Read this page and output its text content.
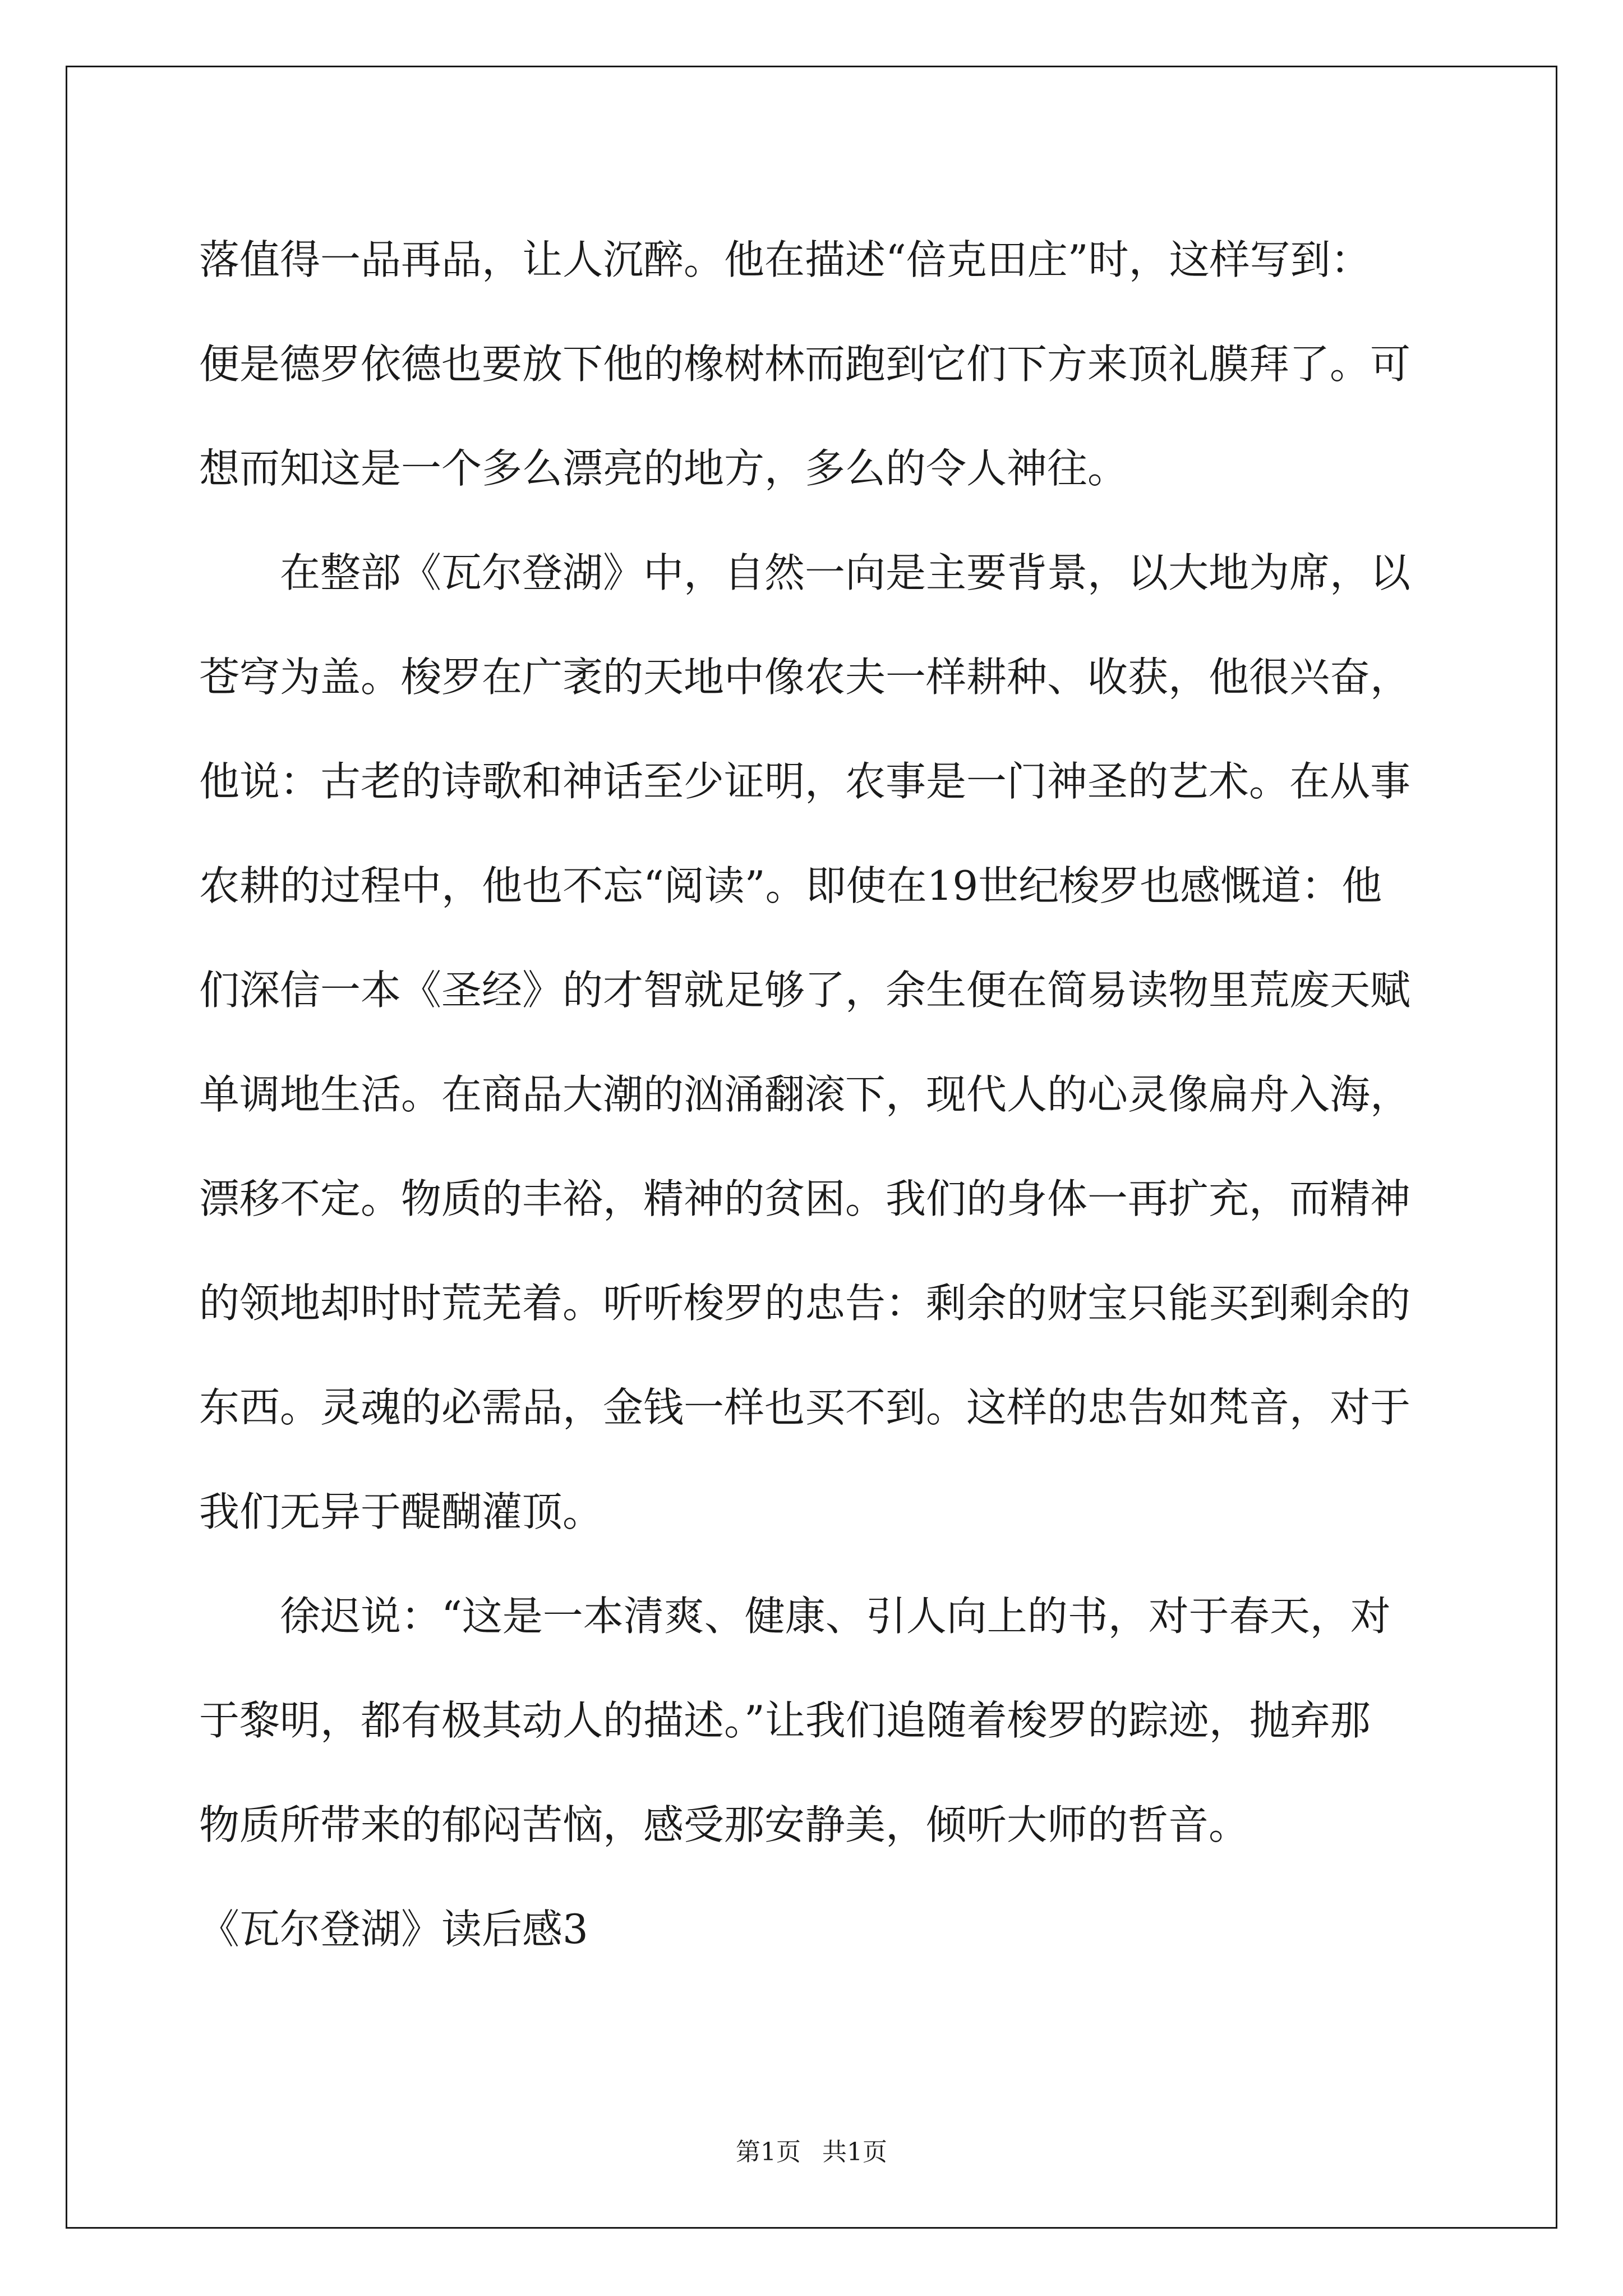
落值得一品再品，让人沉醉。他在描述“倍克田庄”时，这样写到：
便是德罗依德也要放下他的橡树林而跑到它们下方来顶礼膜拜了。可
想而知这是一个多么漂亮的地方，多么的令人神往。

在整部《瓦尔登湖》中，自然一向是主要背景，以大地为席，以
苍穹为盖。梭罗在广袤的天地中像农夫一样耕种、收获，他很兴奋，
他说：古老的诗歌和神话至少证明，农事是一门神圣的艺术。在从事
农耕的过程中，他也不忘“阅读”。即使在19世纪梭罗也感慨道：他
们深信一本《圣经》的才智就足够了，余生便在简易读物里荒废天赋
单调地生活。在商品大潮的汹涌翻滚下，现代人的心灵像扁舟入海，
漂移不定。物质的丰裕，精神的贫困。我们的身体一再扩充，而精神
的领地却时时荒芜着。听听梭罗的忠告：剩余的财宝只能买到剩余的
东西。灵魂的必需品，金钱一样也买不到。这样的忠告如梵音，对于
我们无异于醍醐灌顶。

徐迟说：“这是一本清爽、健康、引人向上的书，对于春天，对
于黎明，都有极其动人的描述。”让我们追随着梭罗的踪迹，抛弃那
物质所带来的郁闷苦恼，感受那安静美，倾听大师的哲音。

《瓦尔登湖》读后感3
第1页 共1页
